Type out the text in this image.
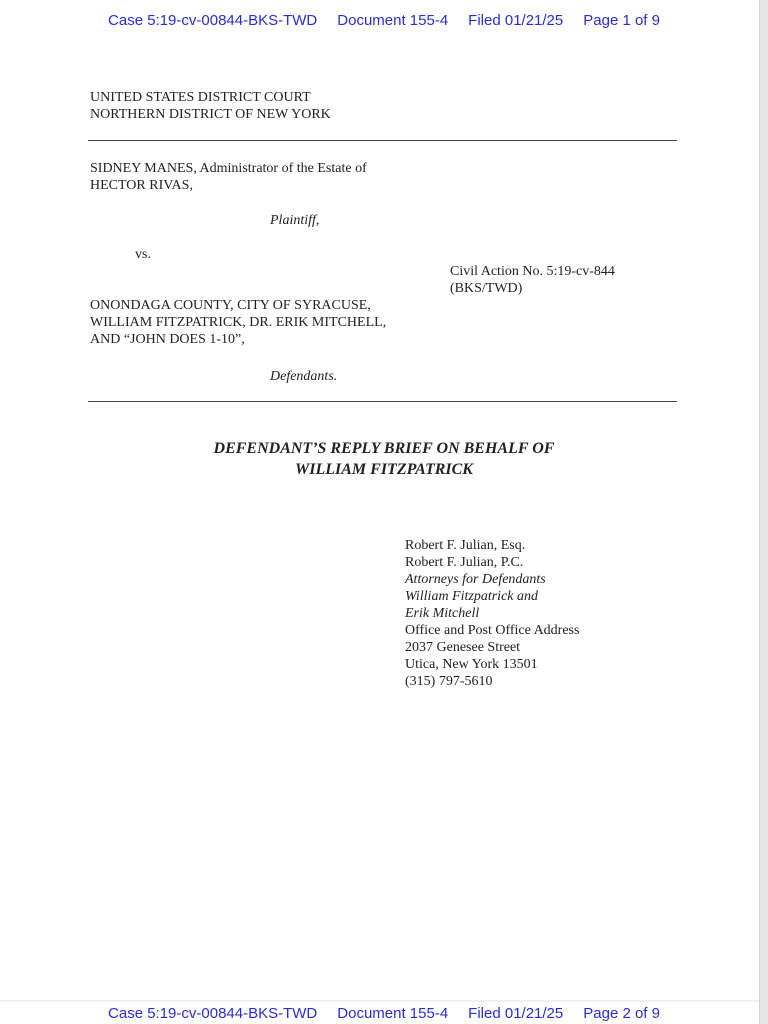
Case 5:19-cv-00844-BKS-TWD Document 155-4 Filed 01/21/25 Page 1 of 9
UNITED STATES DISTRICT COURT
NORTHERN DISTRICT OF NEW YORK
SIDNEY MANES, Administrator of the Estate of
HECTOR RIVAS,
Plaintiff,
vs.
Civil Action No. 5:19-cv-844
(BKS/TWD)
ONONDAGA COUNTY, CITY OF SYRACUSE,
WILLIAM FITZPATRICK, DR. ERIK MITCHELL,
AND “JOHN DOES 1-10”,
Defendants.
DEFENDANT’S REPLY BRIEF ON BEHALF OF
WILLIAM FITZPATRICK
Robert F. Julian, Esq.
Robert F. Julian, P.C.
Attorneys for Defendants
William Fitzpatrick and
Erik Mitchell
Office and Post Office Address
2037 Genesee Street
Utica, New York 13501
(315) 797-5610
Case 5:19-cv-00844-BKS-TWD Document 155-4 Filed 01/21/25 Page 2 of 9
